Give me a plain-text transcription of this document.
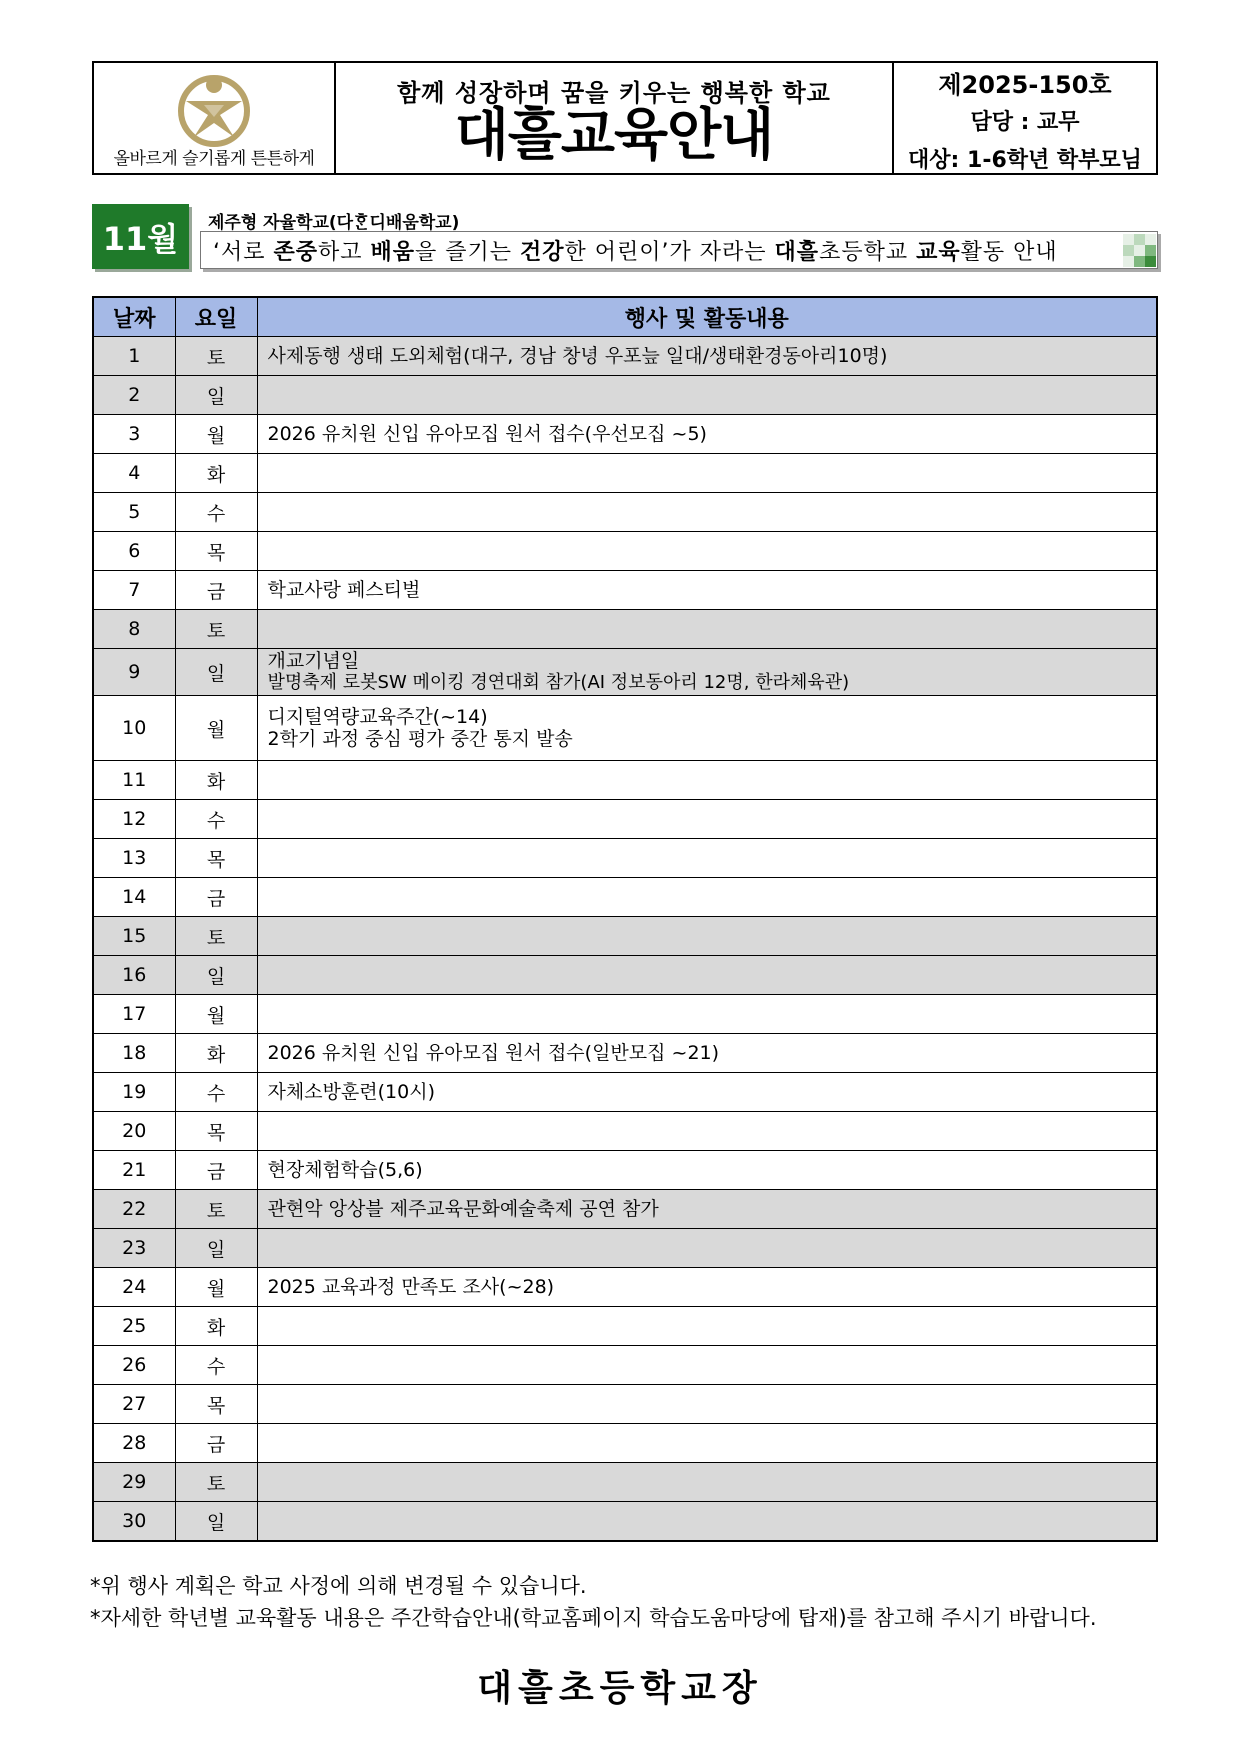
올바르게 슬기롭게 튼튼하게
함께 성장하며 꿈을 키우는 행복한 학교
대흘교육안내
제2025-150호
담당 : 교무
대상: 1-6학년 학부모님
11월	제주형 자율학교(다ᄒᆞᆫ디배움학교)
‘서로 존중하고 배움을 즐기는 건강한 어린이’가 자라는 대흘초등학교 교육활동 안내
날짜	요일	행사 및 활동내용
1	토	사제동행 생태 도외체험(대구, 경남 창녕 우포늪 일대/생태환경동아리10명)

2	일	
3	월	2026 유치원 신입 유아모집 원서 접수(우선모집 ~5)

4	화	
5	수	
6	목	
7	금	학교사랑 페스티벌

8	토	
9	일	개교기념일
발명축제 로봇SW 메이킹 경연대회 참가(AI 정보동아리 12명, 한라체육관)

10	월	디지털역량교육주간(~14)
2학기 과정 중심 평가 중간 통지 발송

11	화	
12	수	
13	목	
14	금	
15	토	
16	일	
17	월	
18	화	2026 유치원 신입 유아모집 원서 접수(일반모집 ~21)

19	수	자체소방훈련(10시)

20	목	
21	금	현장체험학습(5,6)

22	토	관현악 앙상블 제주교육문화예술축제 공연 참가

23	일	
24	월	2025 교육과정 만족도 조사(~28)

25	화	
26	수	
27	목	
28	금	
29	토	
30	일	
*위 행사 계획은 학교 사정에 의해 변경될 수 있습니다.
*자세한 학년별 교육활동 내용은 주간학습안내(학교홈페이지 학습도움마당에 탑재)를 참고해 주시기 바랍니다.
대흘초등학교장
